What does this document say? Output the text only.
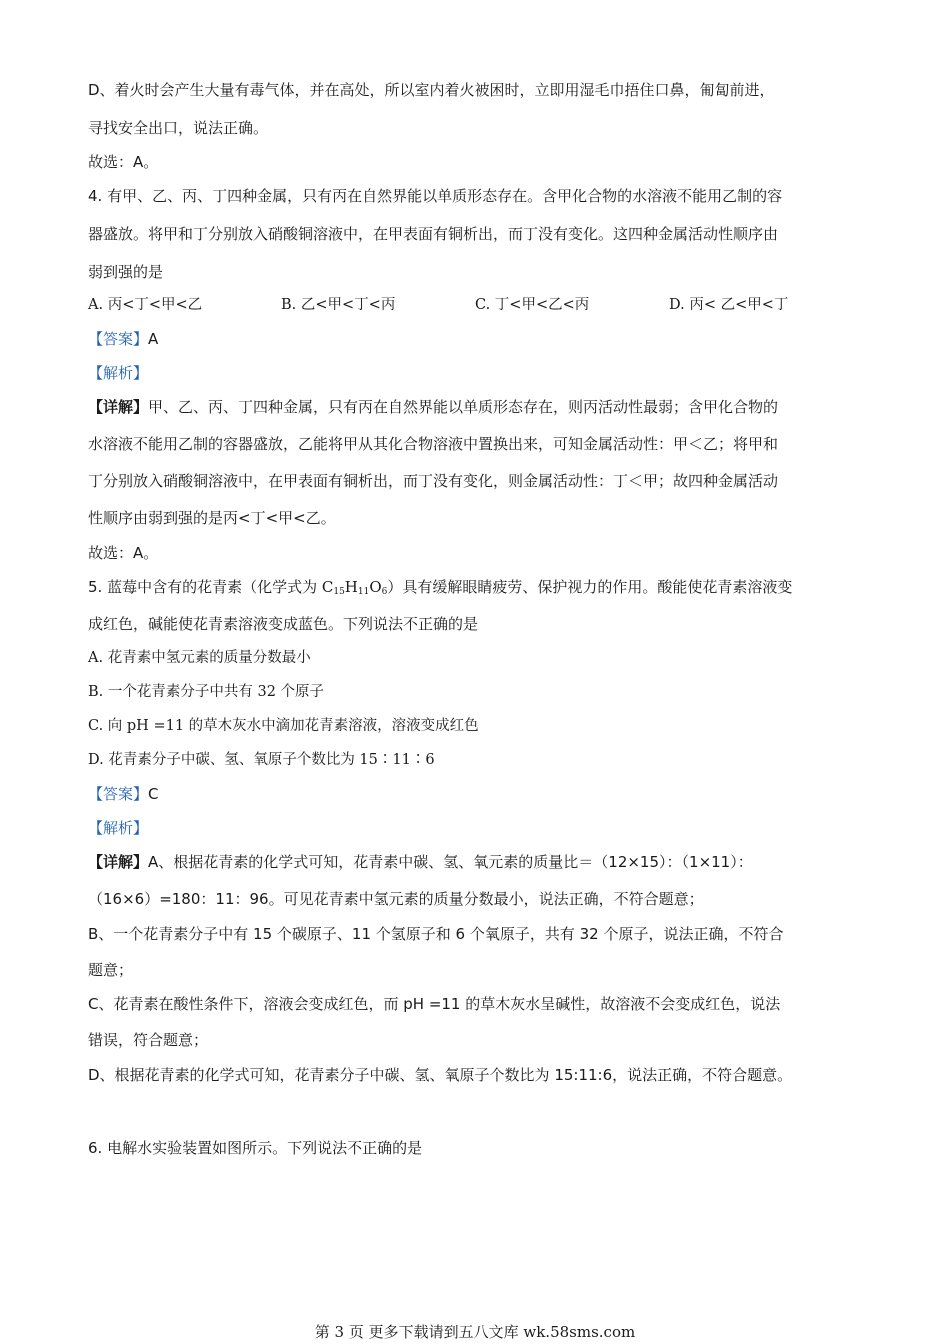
D、着火时会产生大量有毒气体，并在高处，所以室内着火被困时，立即用湿毛巾捂住口鼻，匍匐前进，

寻找安全出口，说法正确。

故选：A。

4. 有甲、乙、丙、丁四种金属，只有丙在自然界能以单质形态存在。含甲化合物的水溶液不能用乙制的容

器盛放。将甲和丁分别放入硝酸铜溶液中，在甲表面有铜析出，而丁没有变化。这四种金属活动性顺序由

弱到强的是

A. 丙<丁<甲<乙	B. 乙<甲<丁<丙	C. 丁<甲<乙<丙	D. 丙< 乙<甲<丁

【答案】A

【解析】

【详解】甲、乙、丙、丁四种金属，只有丙在自然界能以单质形态存在，则丙活动性最弱；含甲化合物的

水溶液不能用乙制的容器盛放，乙能将甲从其化合物溶液中置换出来，可知金属活动性：甲＜乙；将甲和

丁分别放入硝酸铜溶液中，在甲表面有铜析出，而丁没有变化，则金属活动性：丁＜甲；故四种金属活动

性顺序由弱到强的是丙<丁<甲<乙。

故选：A。

5. 蓝莓中含有的花青素（化学式为 $C_{15}H_{11}O_6$）具有缓解眼睛疲劳、保护视力的作用。酸能使花青素溶液变

成红色，碱能使花青素溶液变成蓝色。下列说法不正确的是

A. 花青素中氢元素的质量分数最小

B. 一个花青素分子中共有 32 个原子

C. 向 pH =11 的草木灰水中滴加花青素溶液，溶液变成红色

D. 花青素分子中碳、氢、氧原子个数比为 15∶11∶6

【答案】C

【解析】

【详解】A、根据花青素的化学式可知，花青素中碳、氢、氧元素的质量比＝（12×15）：（1×11）：

（16×6）=180：11：96。可见花青素中氢元素的质量分数最小，说法正确，不符合题意；

B、一个花青素分子中有 15 个碳原子、11 个氢原子和 6 个氧原子，共有 32 个原子，说法正确，不符合

题意；

C、花青素在酸性条件下，溶液会变成红色，而 pH =11 的草木灰水呈碱性，故溶液不会变成红色，说法

错误，符合题意；

D、根据花青素的化学式可知，花青素分子中碳、氢、氧原子个数比为 15:11:6，说法正确，不符合题意。

6. 电解水实验装置如图所示。下列说法不正确的是

第 3 页 更多下载请到五八文库 wk.58sms.com
